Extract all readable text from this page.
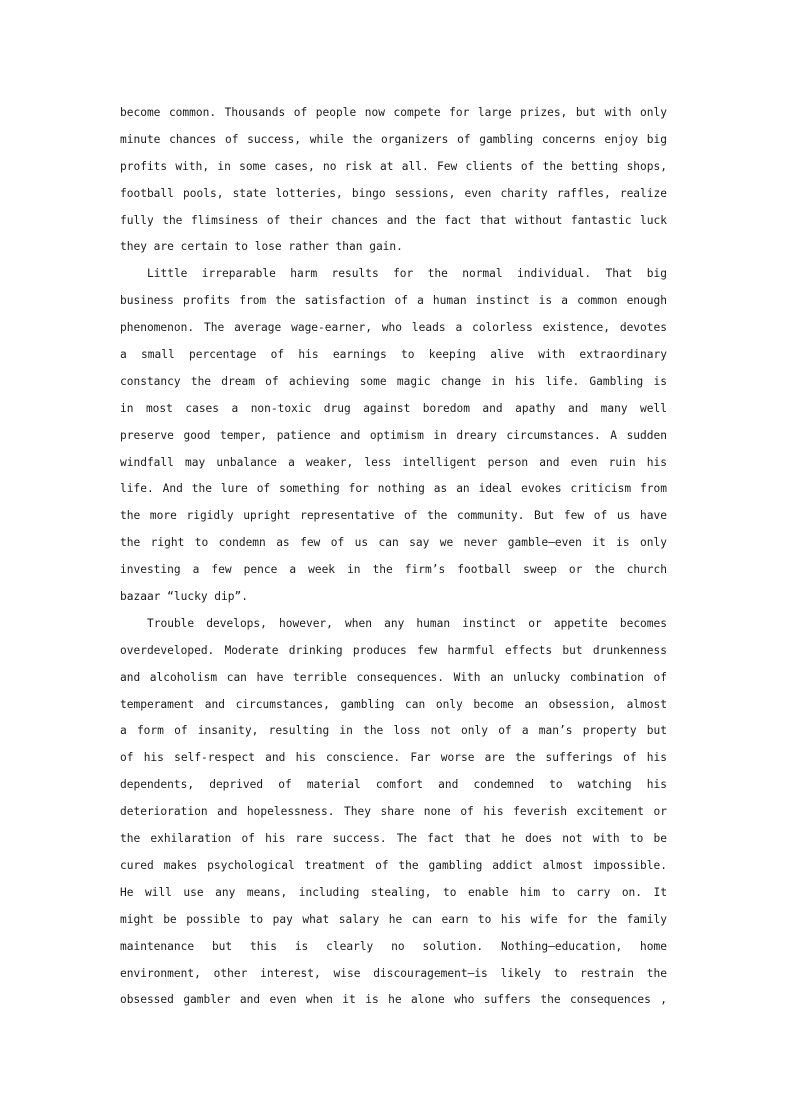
become common. Thousands of people now compete for large prizes, but with only
minute chances of success, while the organizers of gambling concerns enjoy big
profits with, in some cases, no risk at all. Few clients of the betting shops,
football pools, state lotteries, bingo sessions, even charity raffles, realize
fully the flimsiness of their chances and the fact that without fantastic luck
they are certain to lose rather than gain.
Little irreparable harm results for the normal individual. That big
business profits from the satisfaction of a human instinct is a common enough
phenomenon. The average wage-earner, who leads a colorless existence, devotes
a small percentage of his earnings to keeping alive with extraordinary
constancy the dream of achieving some magic change in his life. Gambling is
in most cases a non-toxic drug against boredom and apathy and many well
preserve good temper, patience and optimism in dreary circumstances. A sudden
windfall may unbalance a weaker, less intelligent person and even ruin his
life. And the lure of something for nothing as an ideal evokes criticism from
the more rigidly upright representative of the community. But few of us have
the right to condemn as few of us can say we never gamble—even it is only
investing a few pence a week in the firm’s football sweep or the church
bazaar “lucky dip”.
Trouble develops, however, when any human instinct or appetite becomes
overdeveloped. Moderate drinking produces few harmful effects but drunkenness
and alcoholism can have terrible consequences. With an unlucky combination of
temperament and circumstances, gambling can only become an obsession, almost
a form of insanity, resulting in the loss not only of a man’s property but
of his self-respect and his conscience. Far worse are the sufferings of his
dependents, deprived of material comfort and condemned to watching his
deterioration and hopelessness. They share none of his feverish excitement or
the exhilaration of his rare success. The fact that he does not with to be
cured makes psychological treatment of the gambling addict almost impossible.
He will use any means, including stealing, to enable him to carry on. It
might be possible to pay what salary he can earn to his wife for the family
maintenance but this is clearly no solution. Nothing—education, home
environment, other interest, wise discouragement—is likely to restrain the
obsessed gambler and even when it is he alone who suffers the consequences ,
